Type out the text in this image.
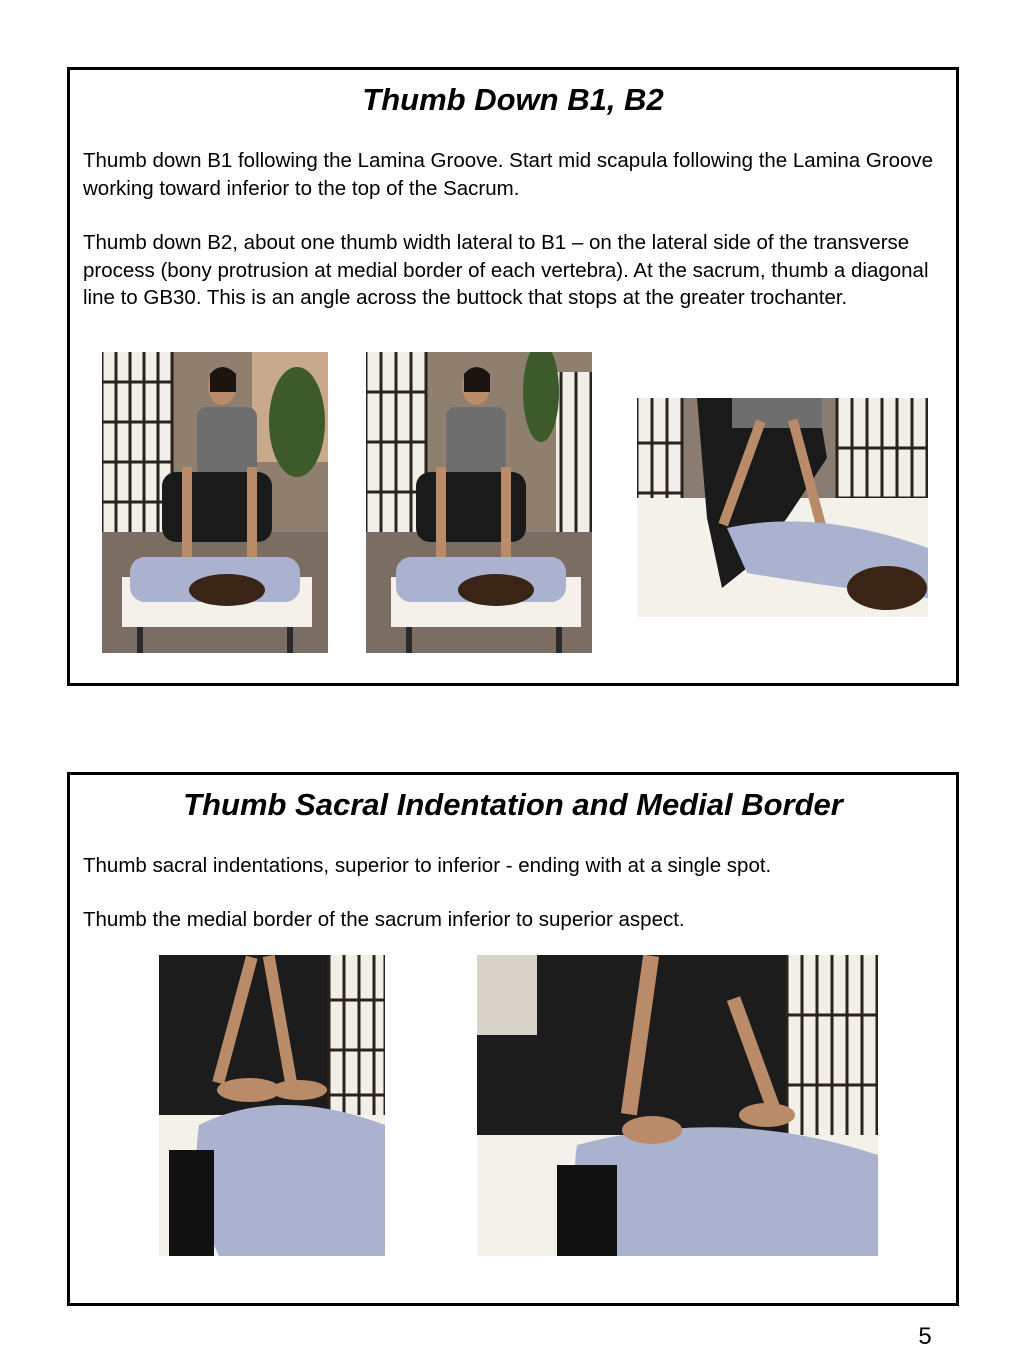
Thumb Down B1, B2

Thumb down B1 following the Lamina Groove. Start mid scapula following the Lamina Groove working toward inferior to the top of the Sacrum.

Thumb down B2, about one thumb width lateral to B1 – on the lateral side of the transverse process (bony protrusion at medial border of each vertebra). At the sacrum, thumb a diagonal line to GB30. This is an angle across the buttock that stops at the greater trochanter.

Thumb Sacral Indentation and Medial Border

Thumb sacral indentations, superior to inferior - ending with at a single spot.

Thumb the medial border of the sacrum inferior to superior aspect.

5
